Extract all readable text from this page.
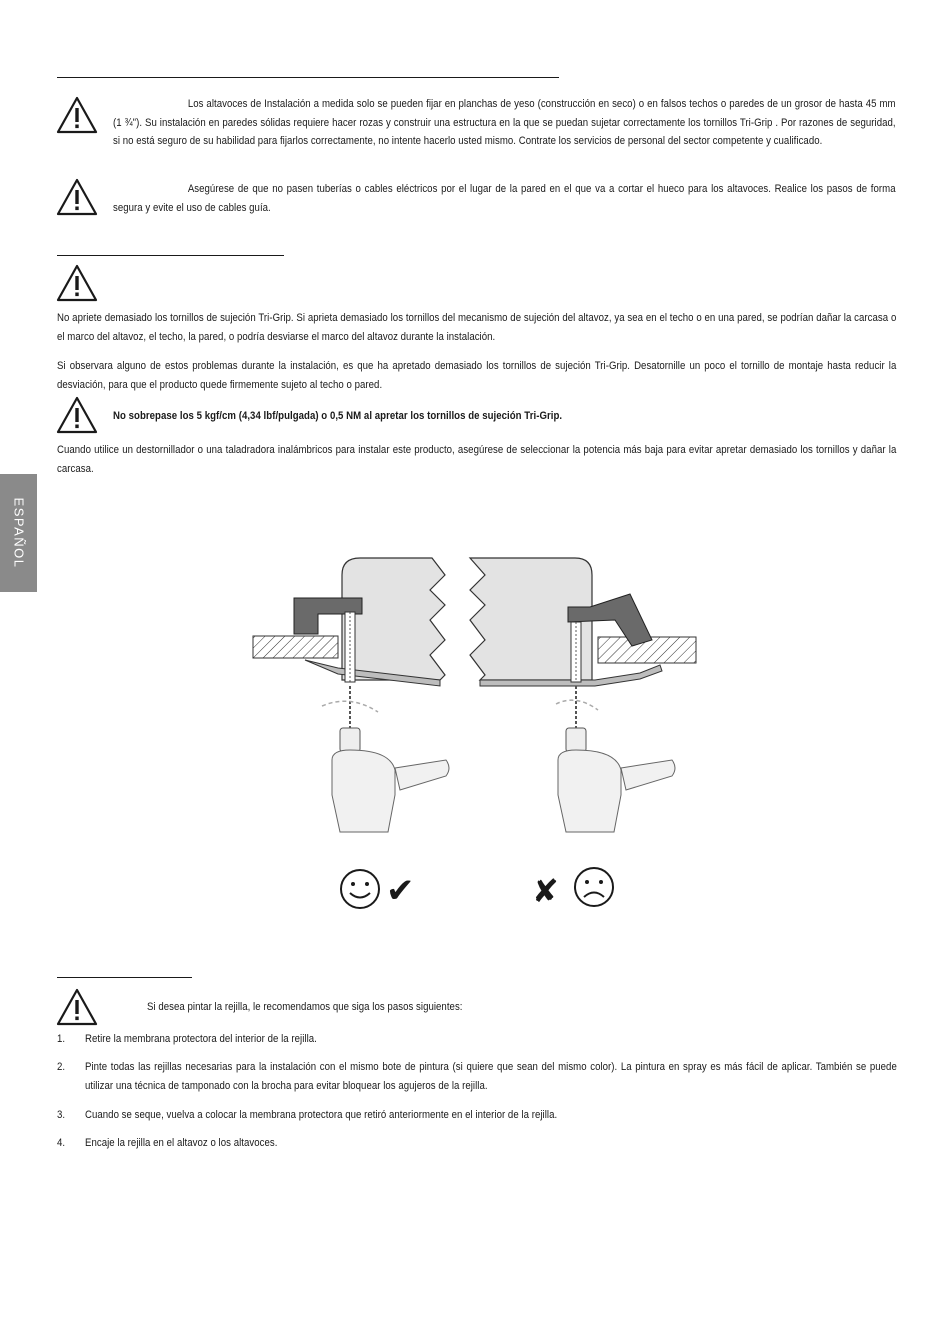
Los altavoces de Instalación a medida solo se pueden fijar en planchas de yeso (construcción en seco) o en falsos techos o paredes de un grosor de hasta 45 mm (1 ¾"). Su instalación en paredes sólidas requiere hacer rozas y construir una estructura en la que se puedan sujetar correctamente los tornillos Tri-Grip . Por razones de seguridad, si no está seguro de su habilidad para fijarlos correctamente, no intente hacerlo usted mismo. Contrate los servicios de personal del sector competente y cualificado.
Asegúrese de que no pasen tuberías o cables eléctricos por el lugar de la pared en el que va a cortar el hueco para los altavoces. Realice los pasos de forma segura y evite el uso de cables guía.
No apriete demasiado los tornillos de sujeción Tri-Grip. Si aprieta demasiado los tornillos del mecanismo de sujeción del altavoz, ya sea en el techo o en una pared, se podrían dañar la carcasa o el marco del altavoz, el techo, la pared, o podría desviarse el marco del altavoz durante la instalación.
Si observara alguno de estos problemas durante la instalación, es que ha apretado demasiado los tornillos de sujeción Tri-Grip. Desatornille un poco el tornillo de montaje hasta reducir la desviación, para que el producto quede firmemente sujeto al techo o pared.
No sobrepase los 5 kgf/cm (4,34 lbf/pulgada) o 0,5 NM al apretar los tornillos de sujeción Tri-Grip.
Cuando utilice un destornillador o una taladradora inalámbricos para instalar este producto, asegúrese de seleccionar la potencia más baja para evitar apretar demasiado los tornillos y dañar la carcasa.
ESPAÑOL
✔	✘
Si desea pintar la rejilla, le recomendamos que siga los pasos siguientes:
1. Retire la membrana protectora del interior de la rejilla.
2. Pinte todas las rejillas necesarias para la instalación con el mismo bote de pintura (si quiere que sean del mismo color). La pintura en spray es más fácil de aplicar. También se puede utilizar una técnica de tamponado con la brocha para evitar bloquear los agujeros de la rejilla.
3. Cuando se seque, vuelva a colocar la membrana protectora que retiró anteriormente en el interior de la rejilla.
4. Encaje la rejilla en el altavoz o los altavoces.
